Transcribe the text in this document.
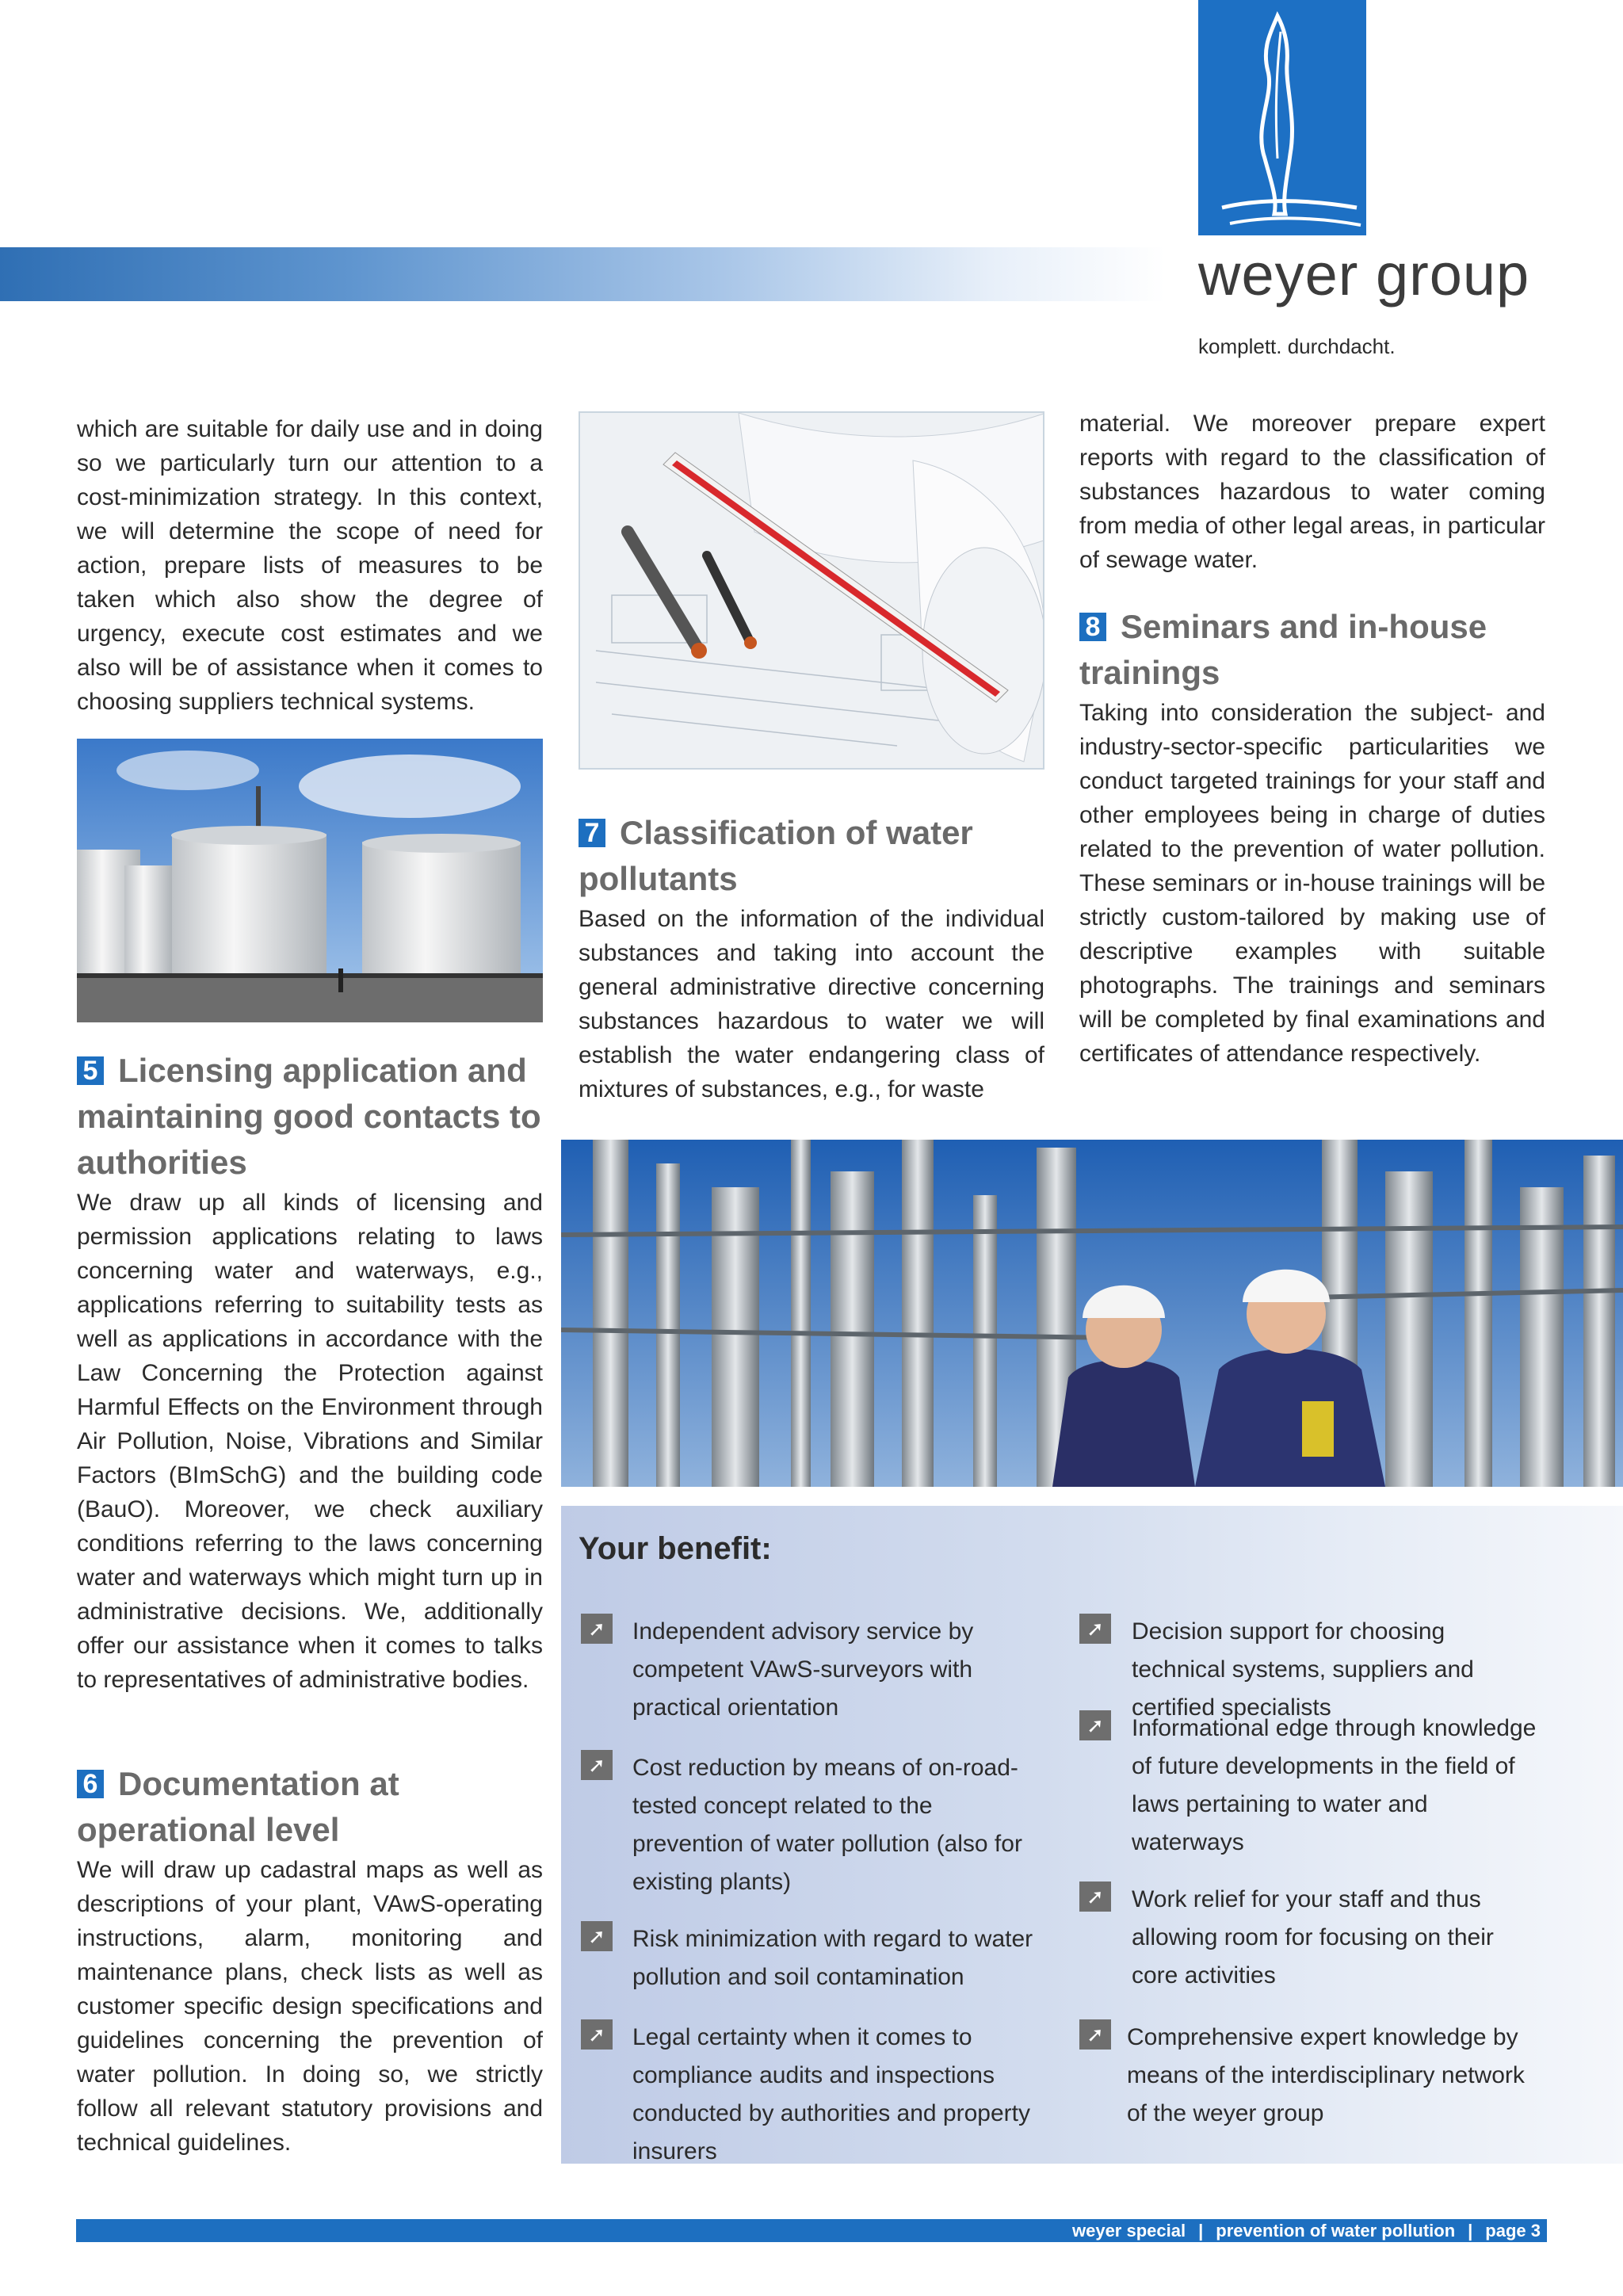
weyer group
komplett. durchdacht.

which are suitable for daily use and in doing so we particularly turn our attention to a cost-minimization strategy. In this context, we will determine the scope of need for action, prepare lists of measures to be taken which also show the degree of urgency, execute cost estimates and we also will be of assistance when it comes to choosing suppliers technical systems.

5 Licensing application and maintaining good contacts to authorities

We draw up all kinds of licensing and permission applications relating to laws concerning water and waterways, e.g., applications referring to suitability tests as well as applications in accordance with the Law Concerning the Protection against Harmful Effects on the Environment through Air Pollution, Noise, Vibrations and Similar Factors (BImSchG) and the building code (BauO). Moreover, we check auxiliary conditions referring to the laws concerning water and waterways which might turn up in administrative decisions. We, additionally offer our assistance when it comes to talks to representatives of administrative bodies.

6 Documentation at operational level

We will draw up cadastral maps as well as descriptions of your plant, VAwS-operating instructions, alarm, monitoring and maintenance plans, check lists as well as customer specific design specifications and guidelines concerning the prevention of water pollution. In doing so, we strictly follow all relevant statutory provisions and technical guidelines.

7 Classification of water pollutants

Based on the information of the individual substances and taking into account the general administrative directive concerning substances hazardous to water we will establish the water endangering class of mixtures of substances, e.g., for waste

material. We moreover prepare expert reports with regard to the classification of substances hazardous to water coming from media of other legal areas, in particular of sewage water.

8 Seminars and in-house trainings

Taking into consideration the subject- and industry-sector-specific particularities we conduct targeted trainings for your staff and other employees being in charge of duties related to the prevention of water pollution. These seminars or in-house trainings will be strictly custom-tailored by making use of descriptive examples with suitable photographs. The trainings and seminars will be completed by final examinations and certificates of attendance respectively.

Your benefit:
➚	Independent advisory service by competent VAwS-surveyors with practical orientation
➚	Cost reduction by means of on-road-tested concept related to the prevention of water pollution (also for existing plants)
➚	Risk minimization with regard to water pollution and soil contamination
➚	Legal certainty when it comes to compliance audits and inspections conducted by authorities and property insurers
➚	Decision support for choosing technical systems, suppliers and certified specialists
➚	Informational edge through knowledge of future developments in the field of laws pertaining to water and waterways
➚	Work relief for your staff and thus allowing room for focusing on their core activities
➚ Comprehensive expert knowledge by means of the interdisciplinary network of the weyer group
weyer special | prevention of water pollution | page 3
